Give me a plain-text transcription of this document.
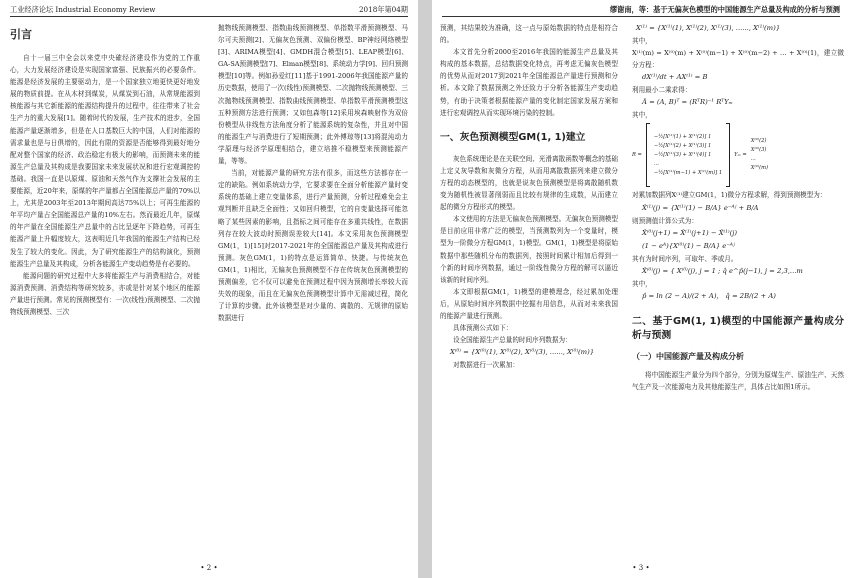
工业经济论坛 Industrial Economy Review	2018年第04期
引言

自十一届三中全会以来党中央確经济建设作为党的工作重心，大力发展经济建设是实现国家富强、民族振兴的必要条件。能源是经济发展的主要驱动力，是一个国家独立地更快更好地发展的物质前提。在从木材到煤炭，从煤炭到石油，从常规能源到核能源与其它新能源的能源结构提升的过程中，往往带来了社会生产力的重大发展[1]。随着时代的发展，生产技术的进步，全国能源产量逐渐增多，但是在人口基数巨大的中国，人们对能源的需求量也是与日俱增的，因此有限的资源是否能够得到最好地分配对整个国家的经济、政治稳定有极大的影响，而预测未来的能源生产总量及其构成是我要国家未来发展状况和进行宏观调控的基础。我国一直是以原煤、原油和天然气作为支撑社会发展的主要能源，近20年来，原煤的年产量都占全国能源总产量的70%以上，尤其是2003年至2013年期间高达75%以上；可再生能源的年平均产量占全国能源总产量的10%左右。然而最近几年，原煤的年产量在全国能源生产总量中的占比呈逐年下降趋势，可再生能源产量上升幅度较大，这表明近几年我国的能源生产结构已经发生了较大的变化。因此，为了研究能源生产的结构演化，预测能源生产总量及其构成，分析各能源生产变动趋势是有必要的。

能源问题的研究过程中大多将能源生产与消费相结合，对能源消费预测、消费结构等研究较多，亦或是针对某个地区的能源产量进行预测。常见的预测模型有：一次(线性)预测模型、二次抛物线预测模型、三次

抛物线预测模型、指数曲线预测模型、单指数平滑预测模型、马尔可夫预测[2]、无偏灰色预测、双偏份模型、BP神经网络模型[3]、ARIMA模型[4]、GMDH混合模型[5]、LEAP模型[6]、GA-SA预测模型[7]、Elman模型[8]、系统动力学[9]、回归预测模型[10]等。例如孙爱红[11]基于1991-2006年我国能源产量的历史数据，使用了一次(线性)预测模型、二次抛物线预测模型、三次抛物线预测模型、指数曲线预测模型、单指数平滑预测模型这五种预测方法进行预测；又如包森等[12]采用埃森映射作为双倍份模型从非线性方法角度分析了能源系统的复杂性，并且对中国的能源生产与消费进行了短期预测；此外傅琼等[13]将混沌动力学原理与经济学原理相结合，建立培推不稳模型来预测能源产量，等等。

当前，对能源产量的研究方法有很多，而这些方法都存在一定的缺陷。例如系统动力学，它要求要在全面分析能源产量时变系统的基础上建立变量体系，进行产量预测，分析过程难免会主观判断并且缺乏全面性；又如回归模型，它的自变量选择可能忽略了某些因素的影响，且指标之间可能存在多重共线性，在数据列存在较大波动时预测误差较大[14]。本文采用灰色预测模型GM(1，1)[15]对2017-2021年的全国能源总产量及其构成进行预测。灰色GM(1，1)的特点是运算简单、快捷。与传统灰色GM(1，1)相比，无偏灰色预测模型不存在传统灰色预测模型的预测偏差，它不仅可以避免在预测过程中因为预测增长率较大而失效的现象，而且在无偏灰色预测模型计算中无需减过程，简化了计算的步骤。此外该模型是对少量的、离散的、无规律的原始数据进行

• 2 •
缪谢南，等：基于无偏灰色模型的中国能源生产总量及构成的分析与预测

预测，其结果较为准确，这一点与原始数据的特点是相符合的。

本文首先分析2000至2016年我国的能源生产总量及其构成的基本数据，总结数据变化特点，再考虑无偏灰色模型的优势从而对2017到2021年全国能源总产量进行预测和分析。本文除了数据预测之外还致力于分析各能源生产变动趋势，有助于决策者根据能源产量的变化制定国家发展方案和进行宏观调控从而实现环境污染的控制。

一、灰色预测模型GM(1, 1)建立

灰色系统理论是在关联空间、光滑离散函数等概念的基础上定义灰导数和灰微分方程，从而用离散数据列来建立微分方程的动态模型的，也就是说灰色预测模型是将离散随机数变为随机性被显著削弱而且比较有规律的生成数，从而建立起的微分方程形式的模型。

本文使用的方法是无偏灰色预测模型。无偏灰色预测模型是目前应用非常广泛的模型，当预测数列为一个变量时，模型为一阶微分方程GM(1，1)模型。GM(1，1)模型是将原始数据中那些随机分布的数据列，按照时间累计相加后得到一个新的时间序列数据，通过一阶线性微分方程的解可以逼近该新的时间序列。

本文即根据GM(1，1)模型的建模理念，经过累加处理后，从原始时间序列数据中挖掘有用信息，从而对未来我国的能源产量进行预测。

具体预测公式如下：

设全国能源生产总量的时间序列数据为：

X⁽⁰⁾ = {X⁽⁰⁾(1), X⁽⁰⁾(2), X⁽⁰⁾(3), ......, X⁽⁰⁾(m)}

对数据进行一次累加：

X⁽¹⁾ = {X⁽¹⁾(1), X⁽¹⁾(2), X⁽¹⁾(3), ......, X⁽¹⁾(m)}

其中，

X⁽¹⁾(m) = X⁽⁰⁾(m) + X⁽⁰⁾(m−1) + X⁽⁰⁾(m−2) + … + X⁽⁰⁾(1)，建立微分方程：

dX⁽¹⁾/dt + AX⁽¹⁾ = B

利用最小二乘求得：

Â = (A, B)ᵀ = (RᵀR)⁻¹ RᵀYₘ

其中，

R =
−½[X⁽¹⁾(1) + X⁽¹⁾(2)] 1
−½[X⁽¹⁾(2) + X⁽¹⁾(3)] 1
−½[X⁽¹⁾(3) + X⁽¹⁾(4)] 1
...
−½[X⁽¹⁾(m−1) + X⁽¹⁾(m)] 1
Yₘ =
X⁽⁰⁾(2)
X⁽⁰⁾(3)
...
X⁽⁰⁾(m)

对累加数据列X⁽¹⁾建立GM(1，1)微分方程求解，得到预测模型为：

X̂⁽¹⁾(j) = {X⁽¹⁾(1) − B/A} e⁻ᴬʲ + B/A

则预测值计算公式为：

X̂⁽⁰⁾(j+1) = X̂⁽¹⁾(j+1) − X̂⁽¹⁾(j)
(1 − eᴬ){X⁽⁰⁾(1) − B/A} e⁻ᴬʲ

其有为时间序列，可取年、季或月。

X̂⁽⁰⁾(j) = { X⁽⁰⁾(j), j = 1 ; q̂ e^p̂(j−1), j = 2,3,...m

其中，

p̂ = ln (2 − A)/(2 + A)， q̂ = 2B/(2 + A)
二、基于GM(1, 1)模型的中国能源产量构成分析与预测
（一）中国能源产量及构成分析

将中国能源生产量分为四个部分，分别为原煤生产、原油生产、天然气生产及一次能源电力及其他能源生产，具体占比如图1所示。

• 3 •
